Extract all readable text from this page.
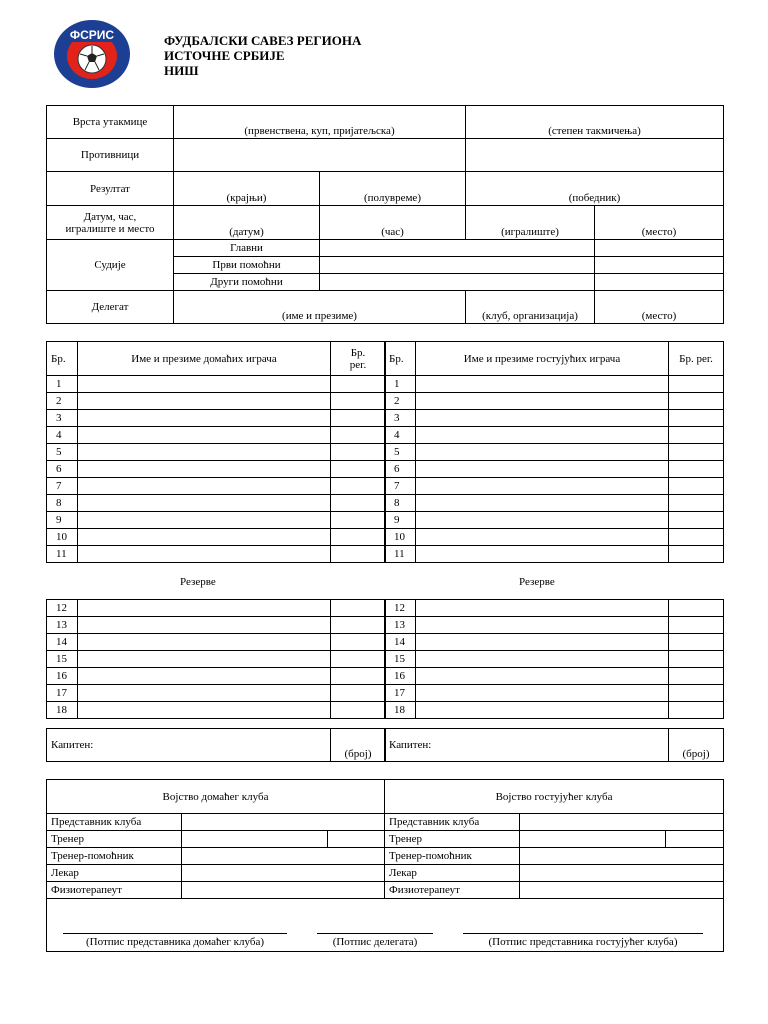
ФСРИС	ФУДБАЛСКИ САВЕЗ РЕГИОНА
ИСТОЧНЕ СРБИЈЕ
НИШ
Врста утакмице	(првенствена, куп, пријатељска)		(степен такмичења)	
Противници				
Резултат	(крајњи)	(полувреме)	(победник)	

Датум, час,
игралиште и место	(датум)	(час)	(игралиште)	(место)
Судије	Главни			
	Први помоћни			
	Други помоћни			
Делегат	(име и презиме)		(клуб, организација)	(место)
Бр.	Име и презиме домаћих играча	Бр.
рег.

1		
2		
3		
4		
5		
6		
7		
8		
9		
10		
11		
Бр.	Име и презиме гостујућих играча	Бр. рег.
1		
2		
3		
4		
5		
6		
7		
8		
9		
10		
11		
Резерве	Резерве
12		
13		
14		
15		
16		
17		
18		
12		
13		
14		
15		
16		
17		
18		
Капитен:	(број)
Капитен:	(број)
Војство домаћег клуба			Војство гостујућег клуба		
Представник клуба			Представник клуба		
Тренер			Тренер		
Тренер-помоћник			Тренер-помоћник		
Лекар			Лекар		
Физиотерапеут			Физиотерапеут		
(Потпис представника домаћег клуба)	(Потпис делегата)	(Потпис представника гостујућег клуба)
